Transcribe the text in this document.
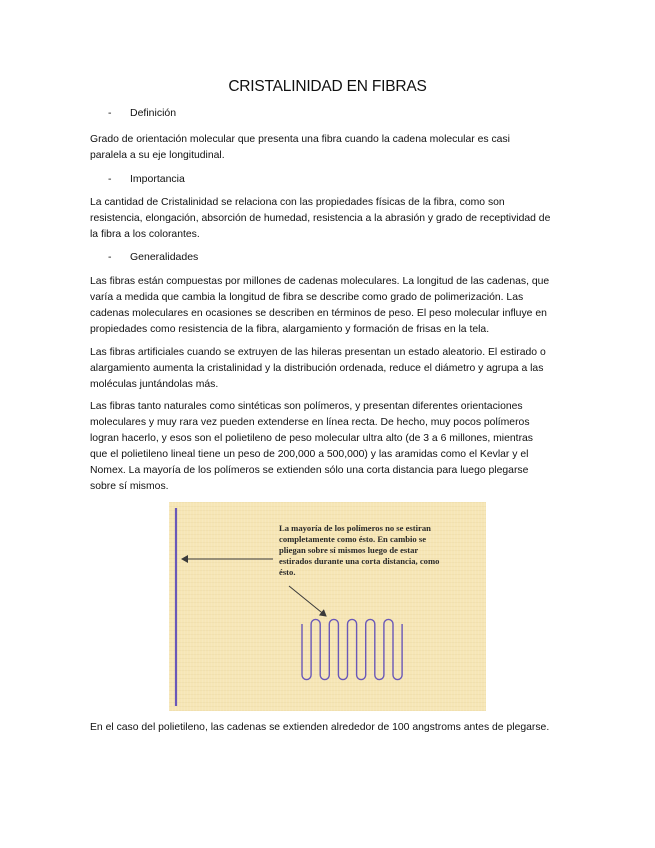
CRISTALINIDAD EN FIBRAS
- Definición

Grado de orientación molecular que presenta una fibra cuando la cadena molecular es casi

paralela a su eje longitudinal.

- Importancia

La cantidad de Cristalinidad se relaciona con las propiedades físicas de la fibra, como son

resistencia, elongación, absorción de humedad, resistencia a la abrasión y grado de receptividad de

la fibra a los colorantes.

- Generalidades

Las fibras están compuestas por millones de cadenas moleculares. La longitud de las cadenas, que

varía a medida que cambia la longitud de fibra se describe como grado de polimerización. Las

cadenas moleculares en ocasiones se describen en términos de peso. El peso molecular influye en

propiedades como resistencia de la fibra, alargamiento y formación de frisas en la tela.

Las fibras artificiales cuando se extruyen de las hileras presentan un estado aleatorio. El estirado o

alargamiento aumenta la cristalinidad y la distribución ordenada, reduce el diámetro y agrupa a las

moléculas juntándolas más.

Las fibras tanto naturales como sintéticas son polímeros, y presentan diferentes orientaciones

moleculares y muy rara vez pueden extenderse en línea recta. De hecho, muy pocos polímeros

logran hacerlo, y esos son el polietileno de peso molecular ultra alto (de 3 a 6 millones, mientras

que el polietileno lineal tiene un peso de 200,000 a 500,000) y las aramidas como el Kevlar y el

Nomex. La mayoría de los polímeros se extienden sólo una corta distancia para luego plegarse

sobre sí mismos.

La mayoría de los polímeros no se estiran
completamente como ésto. En cambio se
pliegan sobre sí mismos luego de estar
estirados durante una corta distancia, como
ésto.

En el caso del polietileno, las cadenas se extienden alrededor de 100 angstroms antes de plegarse.
